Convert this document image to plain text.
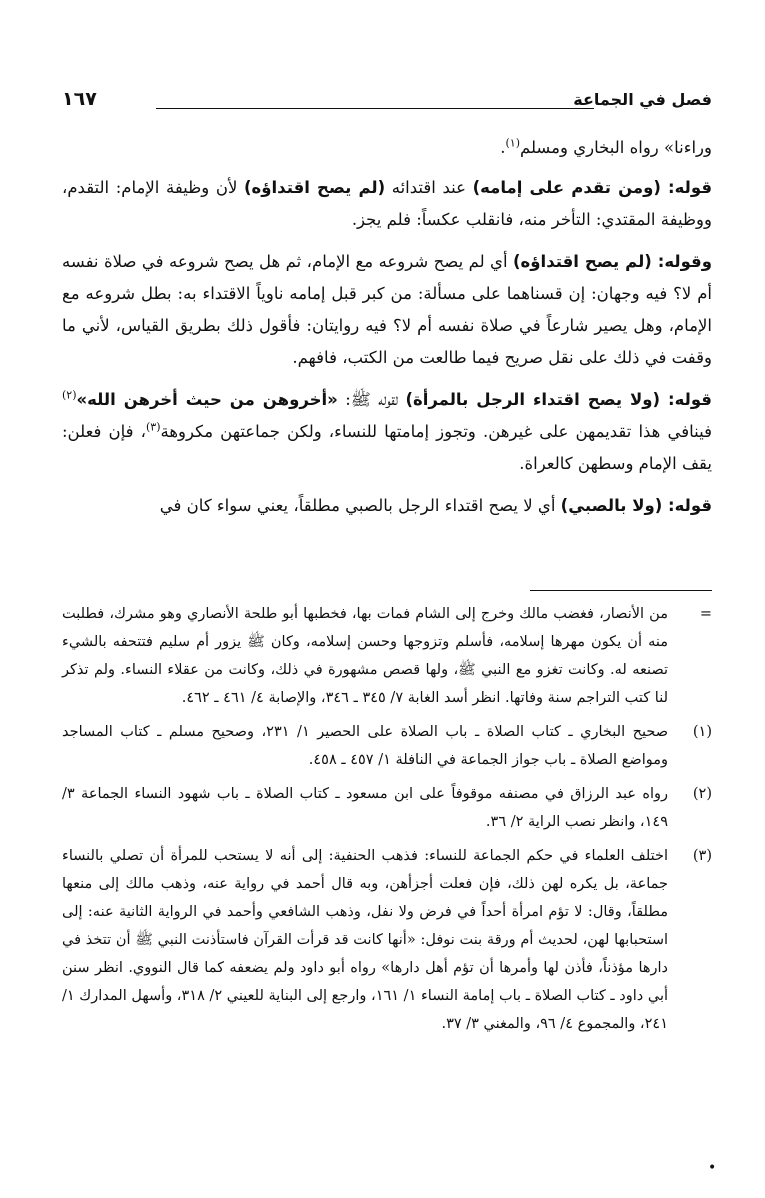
فصل في الجماعة
١٦٧

وراءنا» رواه البخاري ومسلم$^{(١)}$.

قوله: (ومن تقدم على إمامه) عند اقتدائه (لم يصح اقتداؤه) لأن وظيفة الإمام: التقدم، ووظيفة المقتدي: التأخر منه، فانقلب عكساً: فلم يجز.

وقوله: (لم يصح اقتداؤه) أي لم يصح شروعه مع الإمام، ثم هل يصح شروعه في صلاة نفسه أم لا؟ فيه وجهان: إن قسناهما على مسألة: من كبر قبل إمامه ناوياً الاقتداء به: بطل شروعه مع الإمام، وهل يصير شارعاً في صلاة نفسه أم لا؟ فيه روايتان: فأقول ذلك بطريق القياس، لأني ما وقفت في ذلك على نقل صريح فيما طالعت من الكتب، فافهم.

قوله: (ولا يصح اقتداء الرجل بالمرأة) لقوله ﷺ: «أخروهن من حيث أخرهن الله»$^{(٢)}$ فينافي هذا تقديمهن على غيرهن. وتجوز إمامتها للنساء، ولكن جماعتهن مكروهة$^{(٣)}$، فإن فعلن: يقف الإمام وسطهن كالعراة.

قوله: (ولا بالصبي) أي لا يصح اقتداء الرجل بالصبي مطلقاً، يعني سواء كان في

=
من الأنصار، فغضب مالك وخرج إلى الشام فمات بها، فخطبها أبو طلحة الأنصاري وهو مشرك، فطلبت منه أن يكون مهرها إسلامه، فأسلم وتزوجها وحسن إسلامه، وكان ﷺ يزور أم سليم فتتحفه بالشيء تصنعه له. وكانت تغزو مع النبي ﷺ، ولها قصص مشهورة في ذلك، وكانت من عقلاء النساء. ولم تذكر لنا كتب التراجم سنة وفاتها. انظر أسد الغابة ٧/ ٣٤٥ ـ ٣٤٦، والإصابة ٤/ ٤٦١ ـ ٤٦٢.
(١)
صحيح البخاري ـ كتاب الصلاة ـ باب الصلاة على الحصير ١/ ٢٣١، وصحيح مسلم ـ كتاب المساجد ومواضع الصلاة ـ باب جواز الجماعة في النافلة ١/ ٤٥٧ ـ ٤٥٨.
(٢)
رواه عبد الرزاق في مصنفه موقوفاً على ابن مسعود ـ كتاب الصلاة ـ باب شهود النساء الجماعة ٣/ ١٤٩، وانظر نصب الراية ٢/ ٣٦.
(٣)
اختلف العلماء في حكم الجماعة للنساء: فذهب الحنفية: إلى أنه لا يستحب للمرأة أن تصلي بالنساء جماعة، بل يكره لهن ذلك، فإن فعلت أجزأهن، وبه قال أحمد في رواية عنه، وذهب مالك إلى منعها مطلقاً، وقال: لا تؤم امرأة أحداً في فرض ولا نفل، وذهب الشافعي وأحمد في الرواية الثانية عنه: إلى استحبابها لهن، لحديث أم ورقة بنت نوفل: «أنها كانت قد قرأت القرآن فاستأذنت النبي ﷺ أن تتخذ في دارها مؤذناً، فأذن لها وأمرها أن تؤم أهل دارها» رواه أبو داود ولم يضعفه كما قال النووي. انظر سنن أبي داود ـ كتاب الصلاة ـ باب إمامة النساء ١/ ١٦١، وارجع إلى البناية للعيني ٢/ ٣١٨، وأسهل المدارك ١/ ٢٤١، والمجموع ٤/ ٩٦، والمغني ٣/ ٣٧.
•
